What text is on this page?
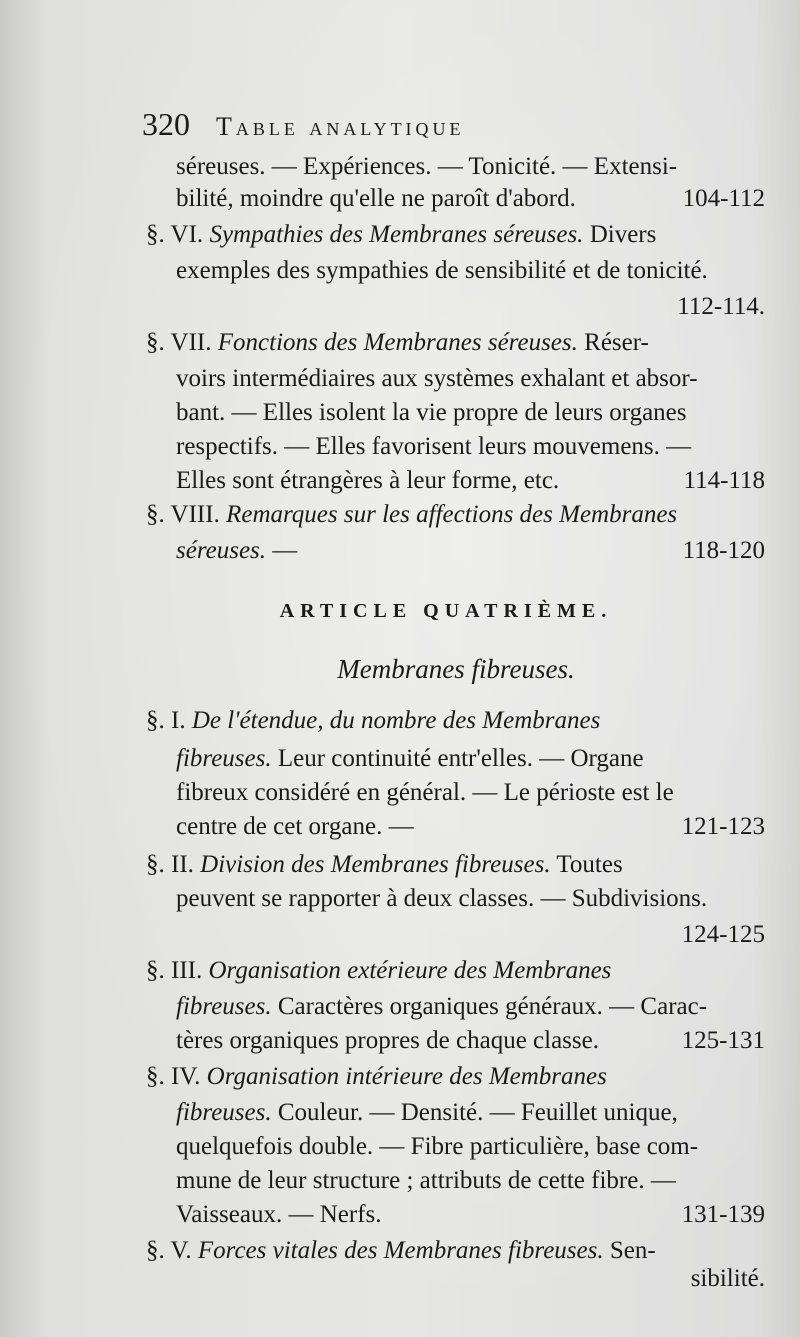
320 Table analytique
séreuses. — Expériences. — Tonicité. — Extensi-
bilité, moindre qu'elle ne paroît d'abord.	104-112
§. VI. Sympathies des Membranes séreuses. Divers
exemples des sympathies de sensibilité et de tonicité.
112-114.
§. VII. Fonctions des Membranes séreuses. Réser-
voirs intermédiaires aux systèmes exhalant et absor-
bant. — Elles isolent la vie propre de leurs organes
respectifs. — Elles favorisent leurs mouvemens. —
Elles sont étrangères à leur forme, etc.	114-118
§. VIII. Remarques sur les affections des Membranes
séreuses. —	118-120
ARTICLE QUATRIÈME.
Membranes fibreuses.
§. I. De l'étendue, du nombre des Membranes
fibreuses. Leur continuité entr'elles. — Organe
fibreux considéré en général. — Le périoste est le
centre de cet organe. —	121-123
§. II. Division des Membranes fibreuses. Toutes
peuvent se rapporter à deux classes. — Subdivisions.
124-125
§. III. Organisation extérieure des Membranes
fibreuses. Caractères organiques généraux. — Carac-
tères organiques propres de chaque classe.	125-131
§. IV. Organisation intérieure des Membranes
fibreuses. Couleur. — Densité. — Feuillet unique,
quelquefois double. — Fibre particulière, base com-
mune de leur structure ; attributs de cette fibre. —
Vaisseaux. — Nerfs.	131-139
§. V. Forces vitales des Membranes fibreuses. Sen-
sibilité.
